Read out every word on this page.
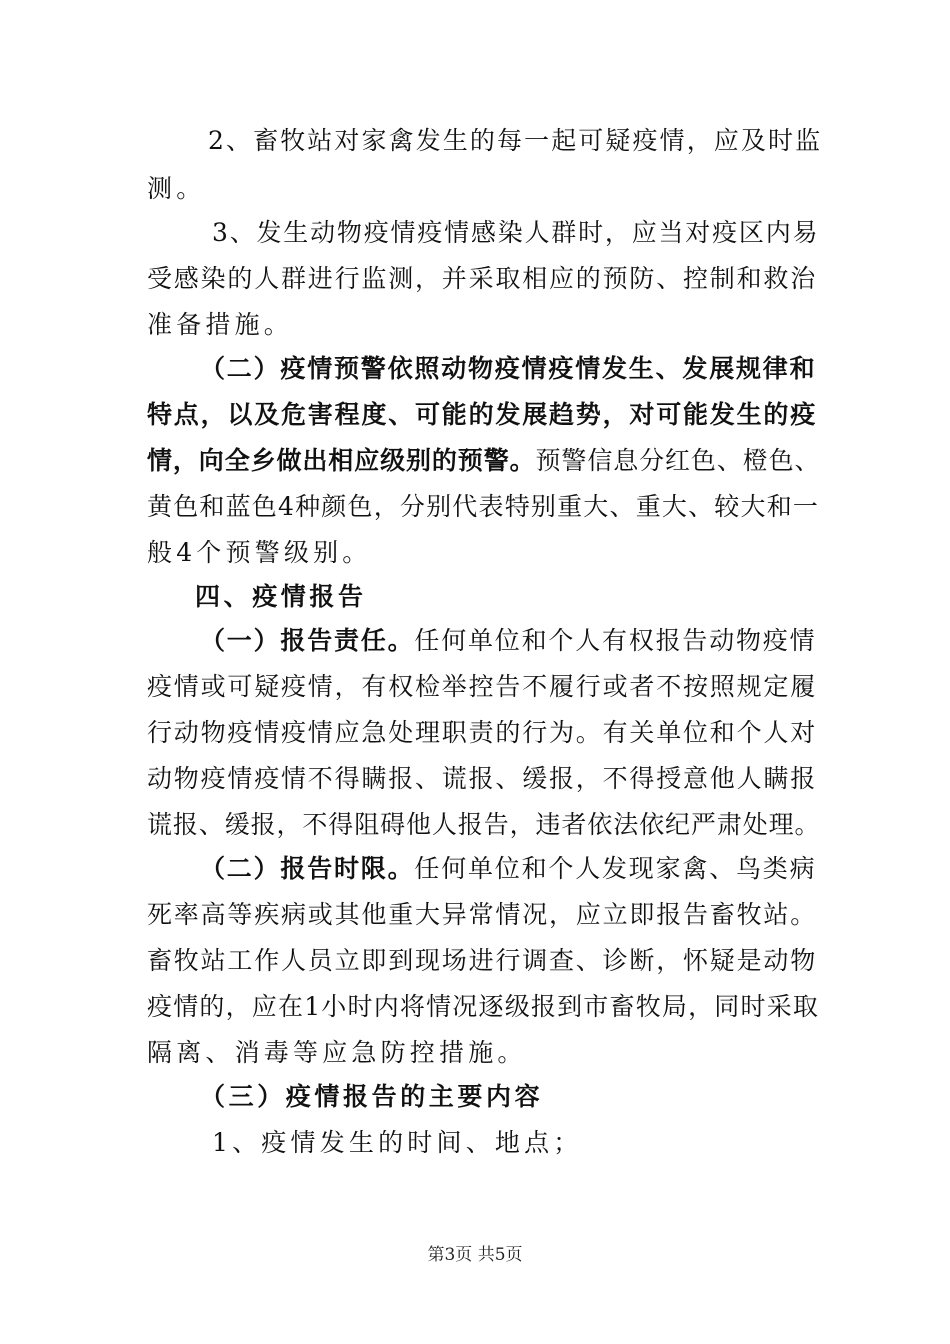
2、畜牧站对家禽发生的每一起可疑疫情，应及时监
测。
3、发生动物疫情疫情感染人群时，应当对疫区内易
受感染的人群进行监测，并采取相应的预防、控制和救治
准备措施。
（二）疫情预警依照动物疫情疫情发生、发展规律和
特点，以及危害程度、可能的发展趋势，对可能发生的疫
情，向全乡做出相应级别的预警。预警信息分红色、橙色、
黄色和蓝色4种颜色，分别代表特别重大、重大、较大和一
般4个预警级别。
四、疫情报告
（一）报告责任。任何单位和个人有权报告动物疫情
疫情或可疑疫情，有权检举控告不履行或者不按照规定履
行动物疫情疫情应急处理职责的行为。有关单位和个人对
动物疫情疫情不得瞒报、谎报、缓报，不得授意他人瞒报
谎报、缓报，不得阻碍他人报告，违者依法依纪严肃处理。
（二）报告时限。任何单位和个人发现家禽、鸟类病
死率高等疾病或其他重大异常情况，应立即报告畜牧站。
畜牧站工作人员立即到现场进行调查、诊断，怀疑是动物
疫情的，应在1小时内将情况逐级报到市畜牧局，同时采取
隔离、消毒等应急防控措施。
（三）疫情报告的主要内容
1、疫情发生的时间、地点；
第3页 共5页
